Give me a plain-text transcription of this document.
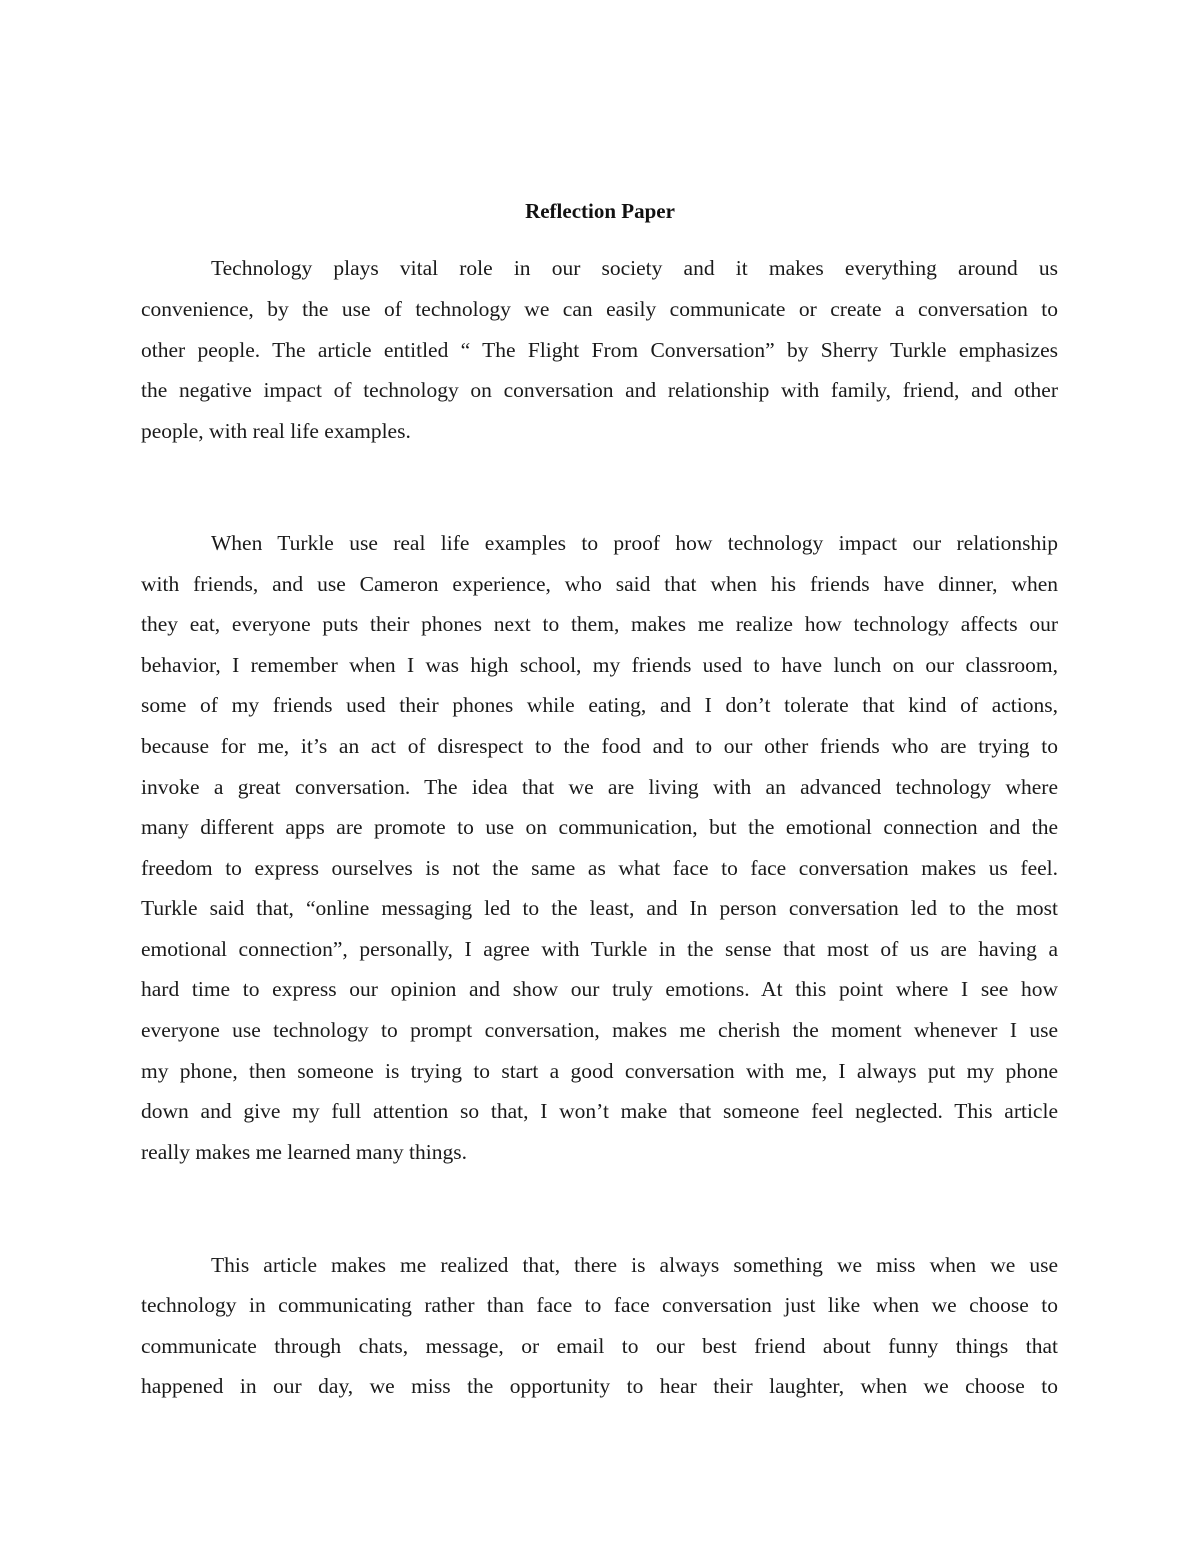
Reflection Paper

Technology plays vital role in our society and it makes everything around us

convenience, by the use of technology we can easily communicate or create a conversation to

other people. The article entitled “ The Flight From Conversation” by Sherry Turkle emphasizes

the negative impact of technology on conversation and relationship with family, friend, and other

people, with real life examples.

When Turkle use real life examples to proof how technology impact our relationship

with friends, and use Cameron experience, who said that when his friends have dinner, when

they eat, everyone puts their phones next to them, makes me realize how technology affects our

behavior, I remember when I was high school, my friends used to have lunch on our classroom,

some of my friends used their phones while eating, and I don’t tolerate that kind of actions,

because for me, it’s an act of disrespect to the food and to our other friends who are trying to

invoke a great conversation. The idea that we are living with an advanced technology where

many different apps are promote to use on communication, but the emotional connection and the

freedom to express ourselves is not the same as what face to face conversation makes us feel.

Turkle said that, “online messaging led to the least, and In person conversation led to the most

emotional connection”, personally, I agree with Turkle in the sense that most of us are having a

hard time to express our opinion and show our truly emotions. At this point where I see how

everyone use technology to prompt conversation, makes me cherish the moment whenever I use

my phone, then someone is trying to start a good conversation with me, I always put my phone

down and give my full attention so that, I won’t make that someone feel neglected. This article

really makes me learned many things.

This article makes me realized that, there is always something we miss when we use

technology in communicating rather than face to face conversation just like when we choose to

communicate through chats, message, or email to our best friend about funny things that

happened in our day, we miss the opportunity to hear their laughter, when we choose to
